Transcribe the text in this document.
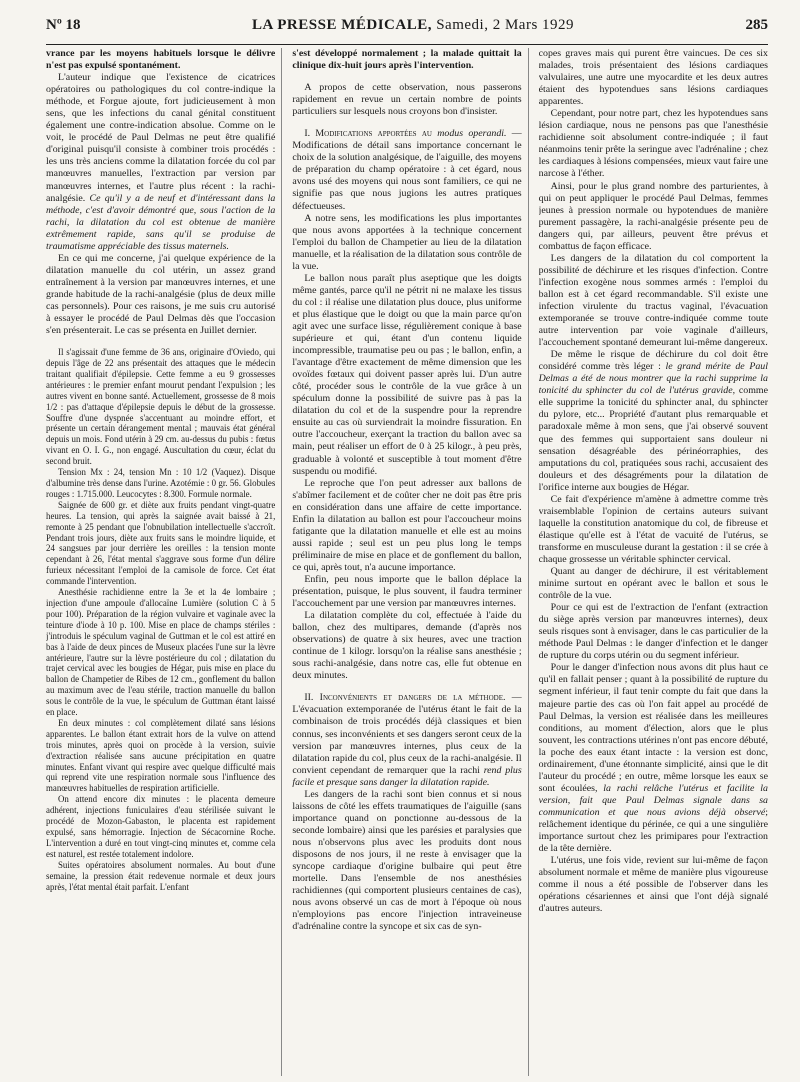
Nº 18	LA PRESSE MÉDICALE, Samedi, 2 Mars 1929	285

vrance par les moyens habituels lorsque le délivre n'est pas expulsé spontanément.

L'auteur indique que l'existence de cicatrices opératoires ou pathologiques du col contre-indique la méthode, et Forgue ajoute, fort judicieusement à mon sens, que les infections du canal génital constituent également une contre-indication absolue. Comme on le voit, le procédé de Paul Delmas ne peut être qualifié d'original puisqu'il consiste à combiner trois procédés : les uns très anciens comme la dilatation forcée du col par manœuvres manuelles, l'extraction par version par manœuvres internes, et l'autre plus récent : la rachi-analgésie. Ce qu'il y a de neuf et d'intéressant dans la méthode, c'est d'avoir démontré que, sous l'action de la rachi, la dilatation du col est obtenue de manière extrêmement rapide, sans qu'il se produise de traumatisme appréciable des tissus maternels.

En ce qui me concerne, j'ai quelque expérience de la dilatation manuelle du col utérin, un assez grand entraînement à la version par manœuvres internes, et une grande habitude de la rachi-analgésie (plus de deux mille cas personnels). Pour ces raisons, je me suis cru autorisé à essayer le procédé de Paul Delmas dès que l'occasion s'en présenterait. Le cas se présenta en Juillet dernier.

Il s'agissait d'une femme de 36 ans, originaire d'Oviedo, qui depuis l'âge de 22 ans présentait des attaques que le médecin traitant qualifiait d'épilepsie. Cette femme a eu 9 grossesses antérieures : le premier enfant mourut pendant l'expulsion ; les autres vivent en bonne santé. Actuellement, grossesse de 8 mois 1/2 : pas d'attaque d'épilepsie depuis le début de la grossesse. Souffre d'une dyspnée s'accentuant au moindre effort, et présente un certain dérangement mental ; mauvais état général depuis un mois. Fond utérin à 29 cm. au-dessus du pubis : fœtus vivant en O. I. G., non engagé. Auscultation du cœur, éclat du second bruit.

Tension Mx : 24, tension Mn : 10 1/2 (Vaquez). Disque d'albumine très dense dans l'urine. Azotémie : 0 gr. 56. Globules rouges : 1.715.000. Leucocytes : 8.300. Formule normale.

Saignée de 600 gr. et diète aux fruits pendant vingt-quatre heures. La tension, qui après la saignée avait baissé à 21, remonte à 25 pendant que l'obnubilation intellectuelle s'accroît. Pendant trois jours, diète aux fruits sans le moindre liquide, et 24 sangsues par jour derrière les oreilles : la tension monte cependant à 26, l'état mental s'aggrave sous forme d'un délire furieux nécessitant l'emploi de la camisole de force. Cet état commande l'intervention.

Anesthésie rachidienne entre la 3e et la 4e lombaire ; injection d'une ampoule d'allocaïne Lumière (solution C à 5 pour 100). Préparation de la région vulvaire et vaginale avec la teinture d'iode à 10 p. 100. Mise en place de champs stériles : j'introduis le spéculum vaginal de Guttman et le col est attiré en bas à l'aide de deux pinces de Museux placées l'une sur la lèvre antérieure, l'autre sur la lèvre postérieure du col ; dilatation du trajet cervical avec les bougies de Hégar, puis mise en place du ballon de Champetier de Ribes de 12 cm., gonflement du ballon au maximum avec de l'eau stérile, traction manuelle du ballon sous le contrôle de la vue, le spéculum de Guttman étant laissé en place.

En deux minutes : col complètement dilaté sans lésions apparentes. Le ballon étant extrait hors de la vulve on attend trois minutes, après quoi on procède à la version, suivie d'extraction réalisée sans aucune précipitation en quatre minutes. Enfant vivant qui respire avec quelque difficulté mais qui reprend vite une respiration normale sous l'influence des manœuvres habituelles de respiration artificielle.

On attend encore dix minutes : le placenta demeure adhérent, injections funiculaires d'eau stérilisée suivant le procédé de Mozon-Gabaston, le placenta est rapidement expulsé, sans hémorragie. Injection de Sécacornine Roche. L'intervention a duré en tout vingt-cinq minutes et, comme cela est naturel, est restée totalement indolore.

Suites opératoires absolument normales. Au bout d'une semaine, la pression était redevenue normale et deux jours après, l'état mental était parfait. L'enfant

s'est développé normalement ; la malade quittait la clinique dix-huit jours après l'intervention.

A propos de cette observation, nous passerons rapidement en revue un certain nombre de points particuliers sur lesquels nous croyons bon d'insister.

I. Modifications apportées au modus operandi. —Modifications de détail sans importance concernant le choix de la solution analgésique, de l'aiguille, des moyens de préparation du champ opératoire : à cet égard, nous avons usé des moyens qui nous sont familiers, ce qui ne signifie pas que nous jugions les autres pratiques défectueuses.

A notre sens, les modifications les plus importantes que nous avons apportées à la technique concernent l'emploi du ballon de Champetier au lieu de la dilatation manuelle, et la réalisation de la dilatation sous contrôle de la vue.

Le ballon nous paraît plus aseptique que les doigts même gantés, parce qu'il ne pétrit ni ne malaxe les tissus du col : il réalise une dilatation plus douce, plus uniforme et plus élastique que le doigt ou que la main parce qu'on agit avec une surface lisse, régulièrement conique à base supérieure et qui, étant d'un contenu liquide incompressible, traumatise peu ou pas ; le ballon, enfin, a l'avantage d'être exactement de même dimension que les ovoïdes fœtaux qui doivent passer après lui. D'un autre côté, procéder sous le contrôle de la vue grâce à un spéculum donne la possibilité de suivre pas à pas la dilatation du col et de la suspendre pour la reprendre ensuite au cas où surviendrait la moindre fissuration. En outre l'accoucheur, exerçant la traction du ballon avec sa main, peut réaliser un effort de 0 à 25 kilogr., à peu près, graduable à volonté et susceptible à tout moment d'être suspendu ou modifié.

Le reproche que l'on peut adresser aux ballons de s'abîmer facilement et de coûter cher ne doit pas être pris en considération dans une affaire de cette importance. Enfin la dilatation au ballon est pour l'accoucheur moins fatigante que la dilatation manuelle et elle est au moins aussi rapide ; seul est un peu plus long le temps préliminaire de mise en place et de gonflement du ballon, ce qui, après tout, n'a aucune importance.

Enfin, peu nous importe que le ballon déplace la présentation, puisque, le plus souvent, il faudra terminer l'accouchement par une version par manœuvres internes.

La dilatation complète du col, effectuée à l'aide du ballon, chez des multipares, demande (d'après nos observations) de quatre à six heures, avec une traction continue de 1 kilogr. lorsqu'on la réalise sans anesthésie ; sous rachi-analgésie, dans notre cas, elle fut obtenue en deux minutes.

II. Inconvénients et dangers de la méthode. — L'évacuation extemporanée de l'utérus étant le fait de la combinaison de trois procédés déjà classiques et bien connus, ses inconvénients et ses dangers seront ceux de la version par manœuvres internes, plus ceux de la dilatation rapide du col, plus ceux de la rachi-analgésie. Il convient cependant de remarquer que la rachi rend plus facile et presque sans danger la dilatation rapide.

Les dangers de la rachi sont bien connus et si nous laissons de côté les effets traumatiques de l'aiguille (sans importance quand on ponctionne au-dessous de la seconde lombaire) ainsi que les parésies et paralysies que nous n'observons plus avec les produits dont nous disposons de nos jours, il ne reste à envisager que la syncope cardiaque d'origine bulbaire qui peut être mortelle. Dans l'ensemble de nos anesthésies rachidiennes (qui comportent plusieurs centaines de cas), nous avons observé un cas de mort à l'époque où nous n'employions pas encore l'injection intraveineuse d'adrénaline contre la syncope et six cas de syn-

copes graves mais qui purent être vaincues. De ces six malades, trois présentaient des lésions cardiaques valvulaires, une autre une myocardite et les deux autres étaient des hypotendues sans lésions cardiaques apparentes.

Cependant, pour notre part, chez les hypotendues sans lésion cardiaque, nous ne pensons pas que l'anesthésie rachidienne soit absolument contre-indiquée ; il faut néanmoins tenir prête la seringue avec l'adrénaline ; chez les cardiaques à lésions compensées, mieux vaut faire une narcose à l'éther.

Ainsi, pour le plus grand nombre des parturientes, à qui on peut appliquer le procédé Paul Delmas, femmes jeunes à pression normale ou hypotendues de manière purement passagère, la rachi-analgésie présente peu de dangers qui, par ailleurs, peuvent être prévus et combattus de façon efficace.

Les dangers de la dilatation du col comportent la possibilité de déchirure et les risques d'infection. Contre l'infection exogène nous sommes armés : l'emploi du ballon est à cet égard recommandable. S'il existe une infection virulente du tractus vaginal, l'évacuation extemporanée se trouve contre-indiquée comme toute autre intervention par voie vaginale d'ailleurs, l'accouchement spontané demeurant lui-même dangereux.

De même le risque de déchirure du col doit être considéré comme très léger : le grand mérite de Paul Delmas a été de nous montrer que la rachi supprime la tonicité du sphincter du col de l'utérus gravide, comme elle supprime la tonicité du sphincter anal, du sphincter du pylore, etc... Propriété d'autant plus remarquable et paradoxale même à mon sens, que j'ai observé souvent que des femmes qui supportaient sans douleur ni sensation désagréable des périnéorraphies, des amputations du col, pratiquées sous rachi, accusaient des douleurs et des désagréments pour la dilatation de l'orifice interne aux bougies de Hégar.

Ce fait d'expérience m'amène à admettre comme très vraisemblable l'opinion de certains auteurs suivant laquelle la constitution anatomique du col, de fibreuse et élastique qu'elle est à l'état de vacuité de l'utérus, se transforme en musculeuse durant la gestation : il se crée à chaque grossesse un véritable sphincter cervical.

Quant au danger de déchirure, il est véritablement minime surtout en opérant avec le ballon et sous le contrôle de la vue.

Pour ce qui est de l'extraction de l'enfant (extraction du siège après version par manœuvres internes), deux seuls risques sont à envisager, dans le cas particulier de la méthode Paul Delmas : le danger d'infection et le danger de rupture du corps utérin ou du segment inférieur.

Pour le danger d'infection nous avons dit plus haut ce qu'il en fallait penser ; quant à la possibilité de rupture du segment inférieur, il faut tenir compte du fait que dans la majeure partie des cas où l'on fait appel au procédé de Paul Delmas, la version est réalisée dans les meilleures conditions, au moment d'élection, alors que le plus souvent, les contractions utérines n'ont pas encore débuté, la poche des eaux étant intacte : la version est donc, ordinairement, d'une étonnante simplicité, ainsi que le dit l'auteur du procédé ; en outre, même lorsque les eaux se sont écoulées, la rachi relâche l'utérus et facilite la version, fait que Paul Delmas signale dans sa communication et que nous avions déjà observé; relâchement identique du périnée, ce qui a une singulière importance surtout chez les primipares pour l'extraction de la tête dernière.

L'utérus, une fois vide, revient sur lui-même de façon absolument normale et même de manière plus vigoureuse comme il nous a été possible de l'observer dans les opérations césariennes et ainsi que l'ont déjà signalé d'autres auteurs.
